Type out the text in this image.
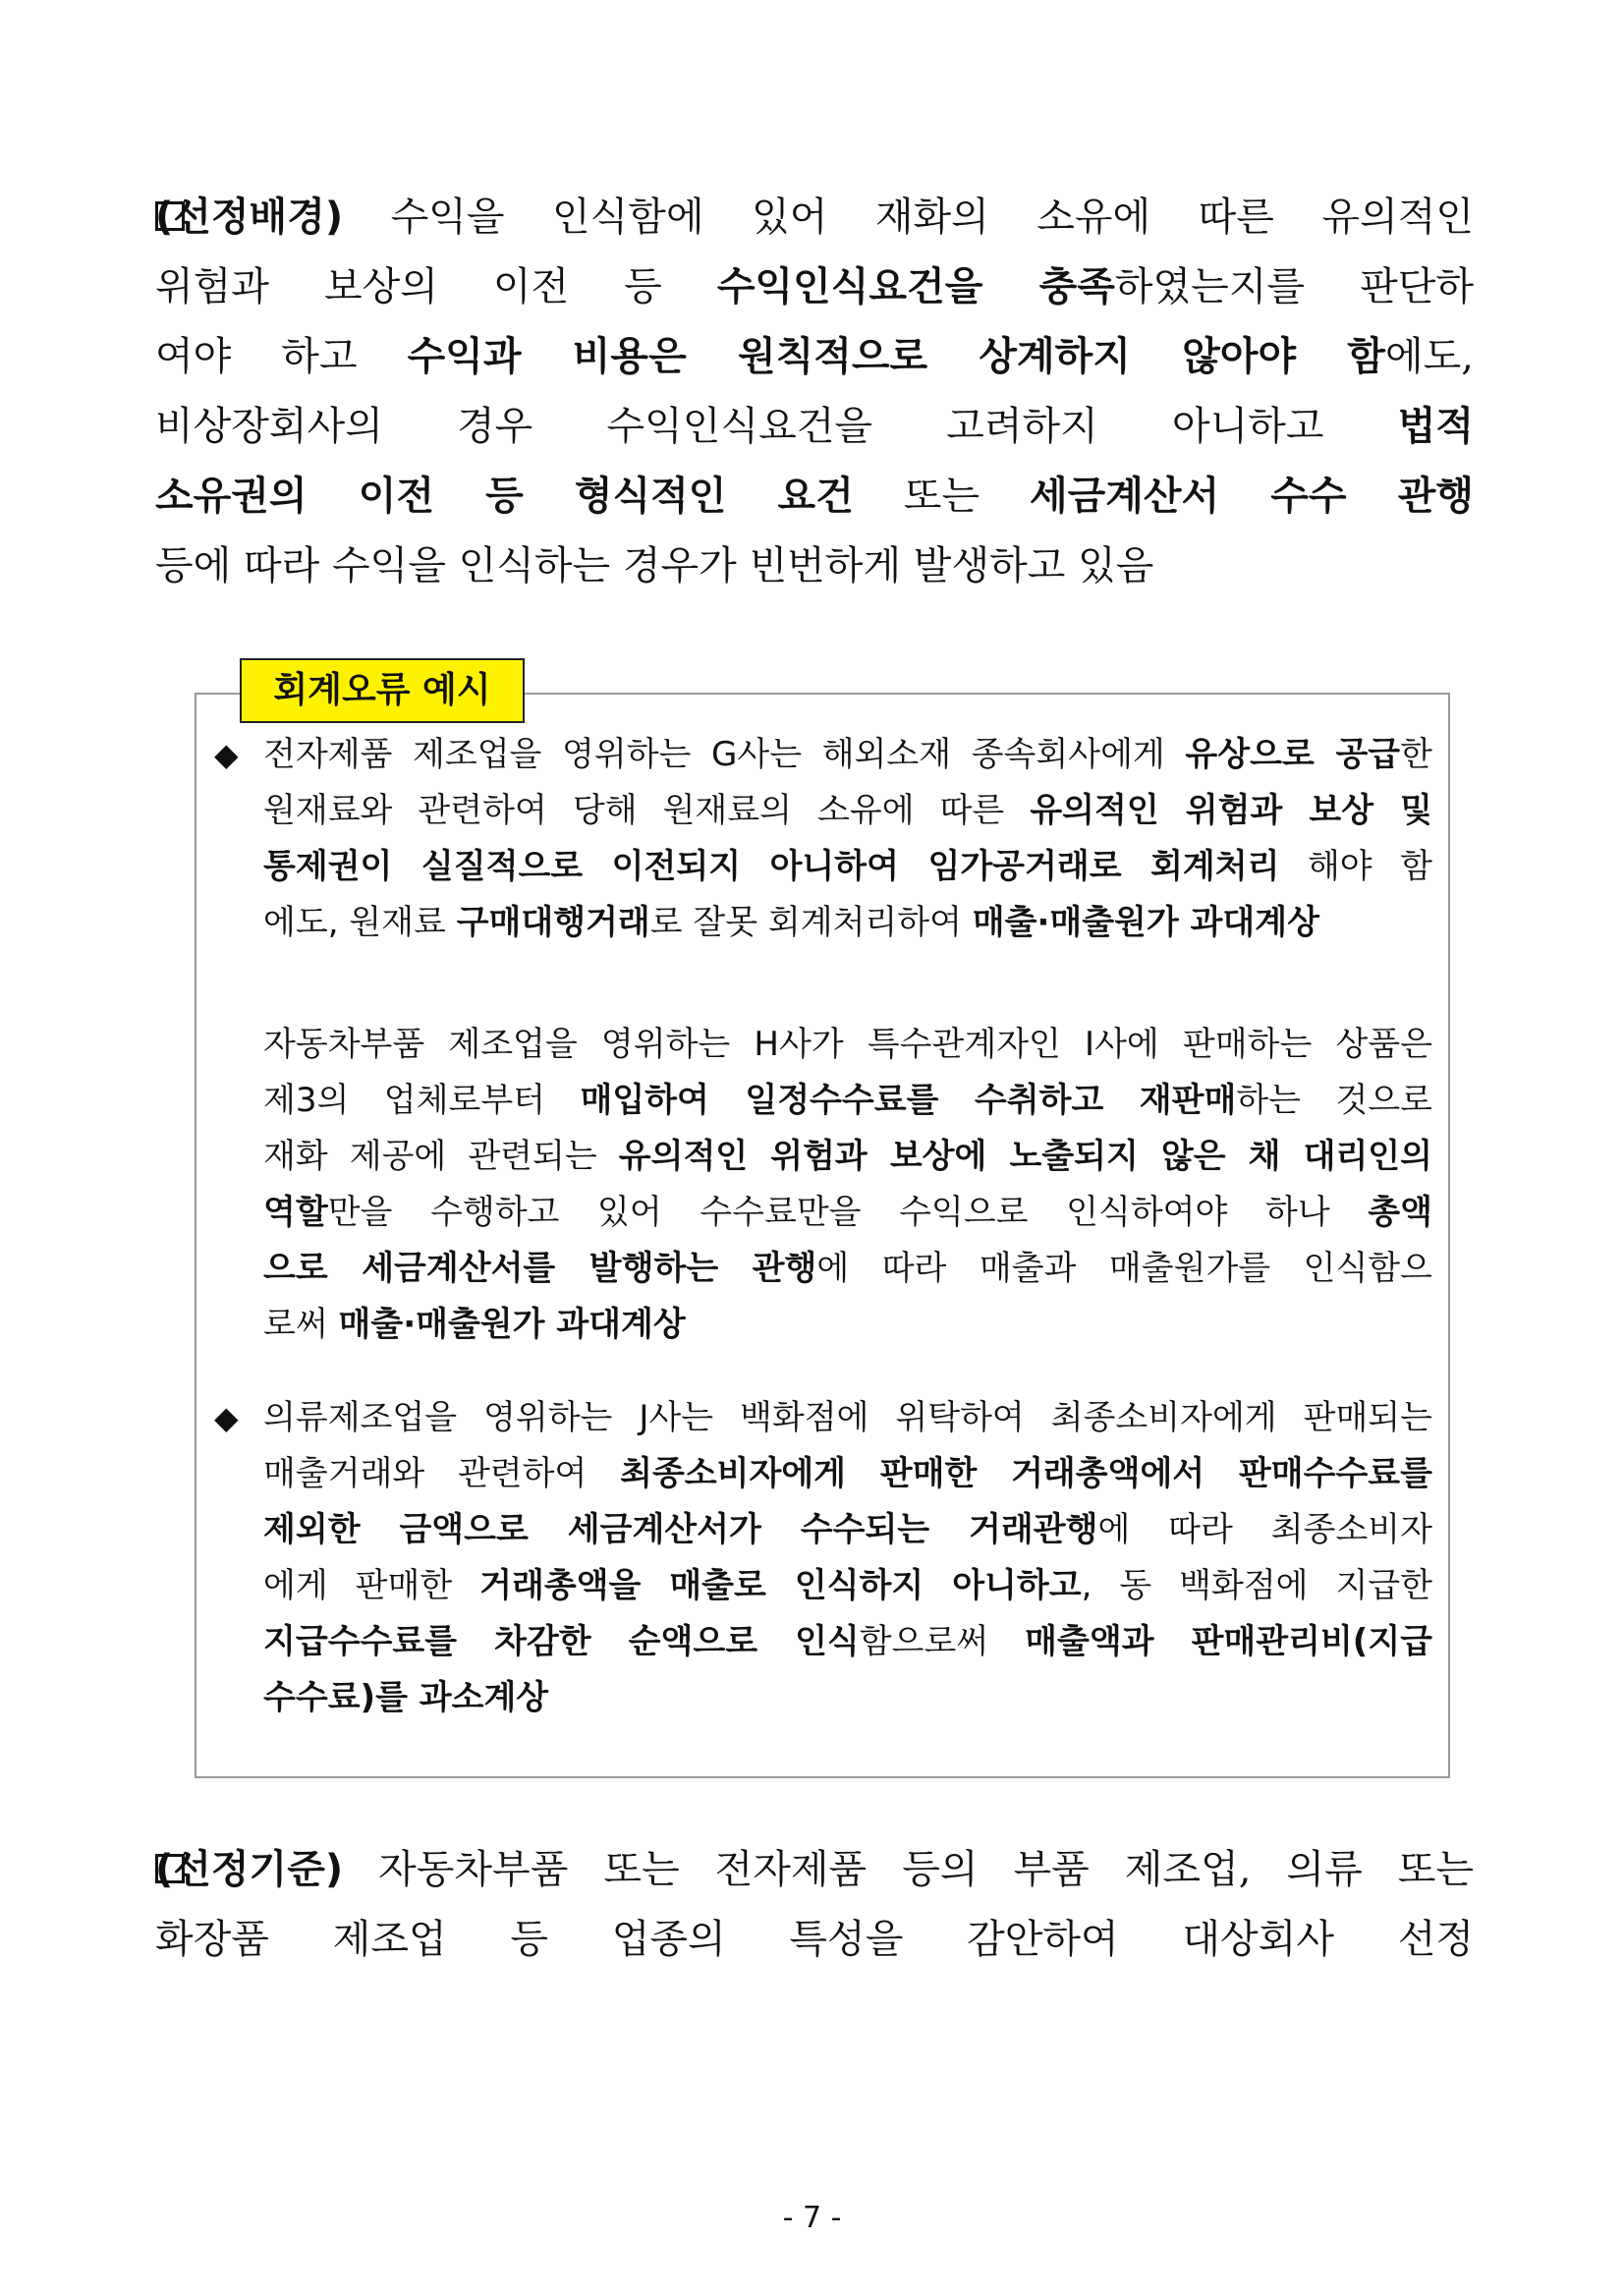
(선정배경) 수익을 인식함에 있어 재화의 소유에 따른 유의적인
위험과 보상의 이전 등 수익인식요건을 충족하였는지를 판단하
여야 하고 수익과 비용은 원칙적으로 상계하지 않아야 함에도,
비상장회사의 경우 수익인식요건을 고려하지 아니하고 법적
소유권의 이전 등 형식적인 요건 또는 세금계산서 수수 관행
등에 따라 수익을 인식하는 경우가 빈번하게 발생하고 있음

회계오류 예시
◆ 전자제품 제조업을 영위하는 G사는 해외소재 종속회사에게 유상으로 공급한
원재료와 관련하여 당해 원재료의 소유에 따른 유의적인 위험과 보상 및
통제권이 실질적으로 이전되지 아니하여 임가공거래로 회계처리 해야 함
에도, 원재료 구매대행거래로 잘못 회계처리하여 매출·매출원가 과대계상
자동차부품 제조업을 영위하는 H사가 특수관계자인 I사에 판매하는 상품은
제3의 업체로부터 매입하여 일정수수료를 수취하고 재판매하는 것으로
재화 제공에 관련되는 유의적인 위험과 보상에 노출되지 않은 채 대리인의
역할만을 수행하고 있어 수수료만을 수익으로 인식하여야 하나 총액
으로 세금계산서를 발행하는 관행에 따라 매출과 매출원가를 인식함으
로써 매출·매출원가 과대계상
◆ 의류제조업을 영위하는 J사는 백화점에 위탁하여 최종소비자에게 판매되는
매출거래와 관련하여 최종소비자에게 판매한 거래총액에서 판매수수료를
제외한 금액으로 세금계산서가 수수되는 거래관행에 따라 최종소비자
에게 판매한 거래총액을 매출로 인식하지 아니하고, 동 백화점에 지급한
지급수수료를 차감한 순액으로 인식함으로써 매출액과 판매관리비(지급
수수료)를 과소계상

(선정기준) 자동차부품 또는 전자제품 등의 부품 제조업, 의류 또는
화장품 제조업 등 업종의 특성을 감안하여 대상회사 선정

- 7 -
